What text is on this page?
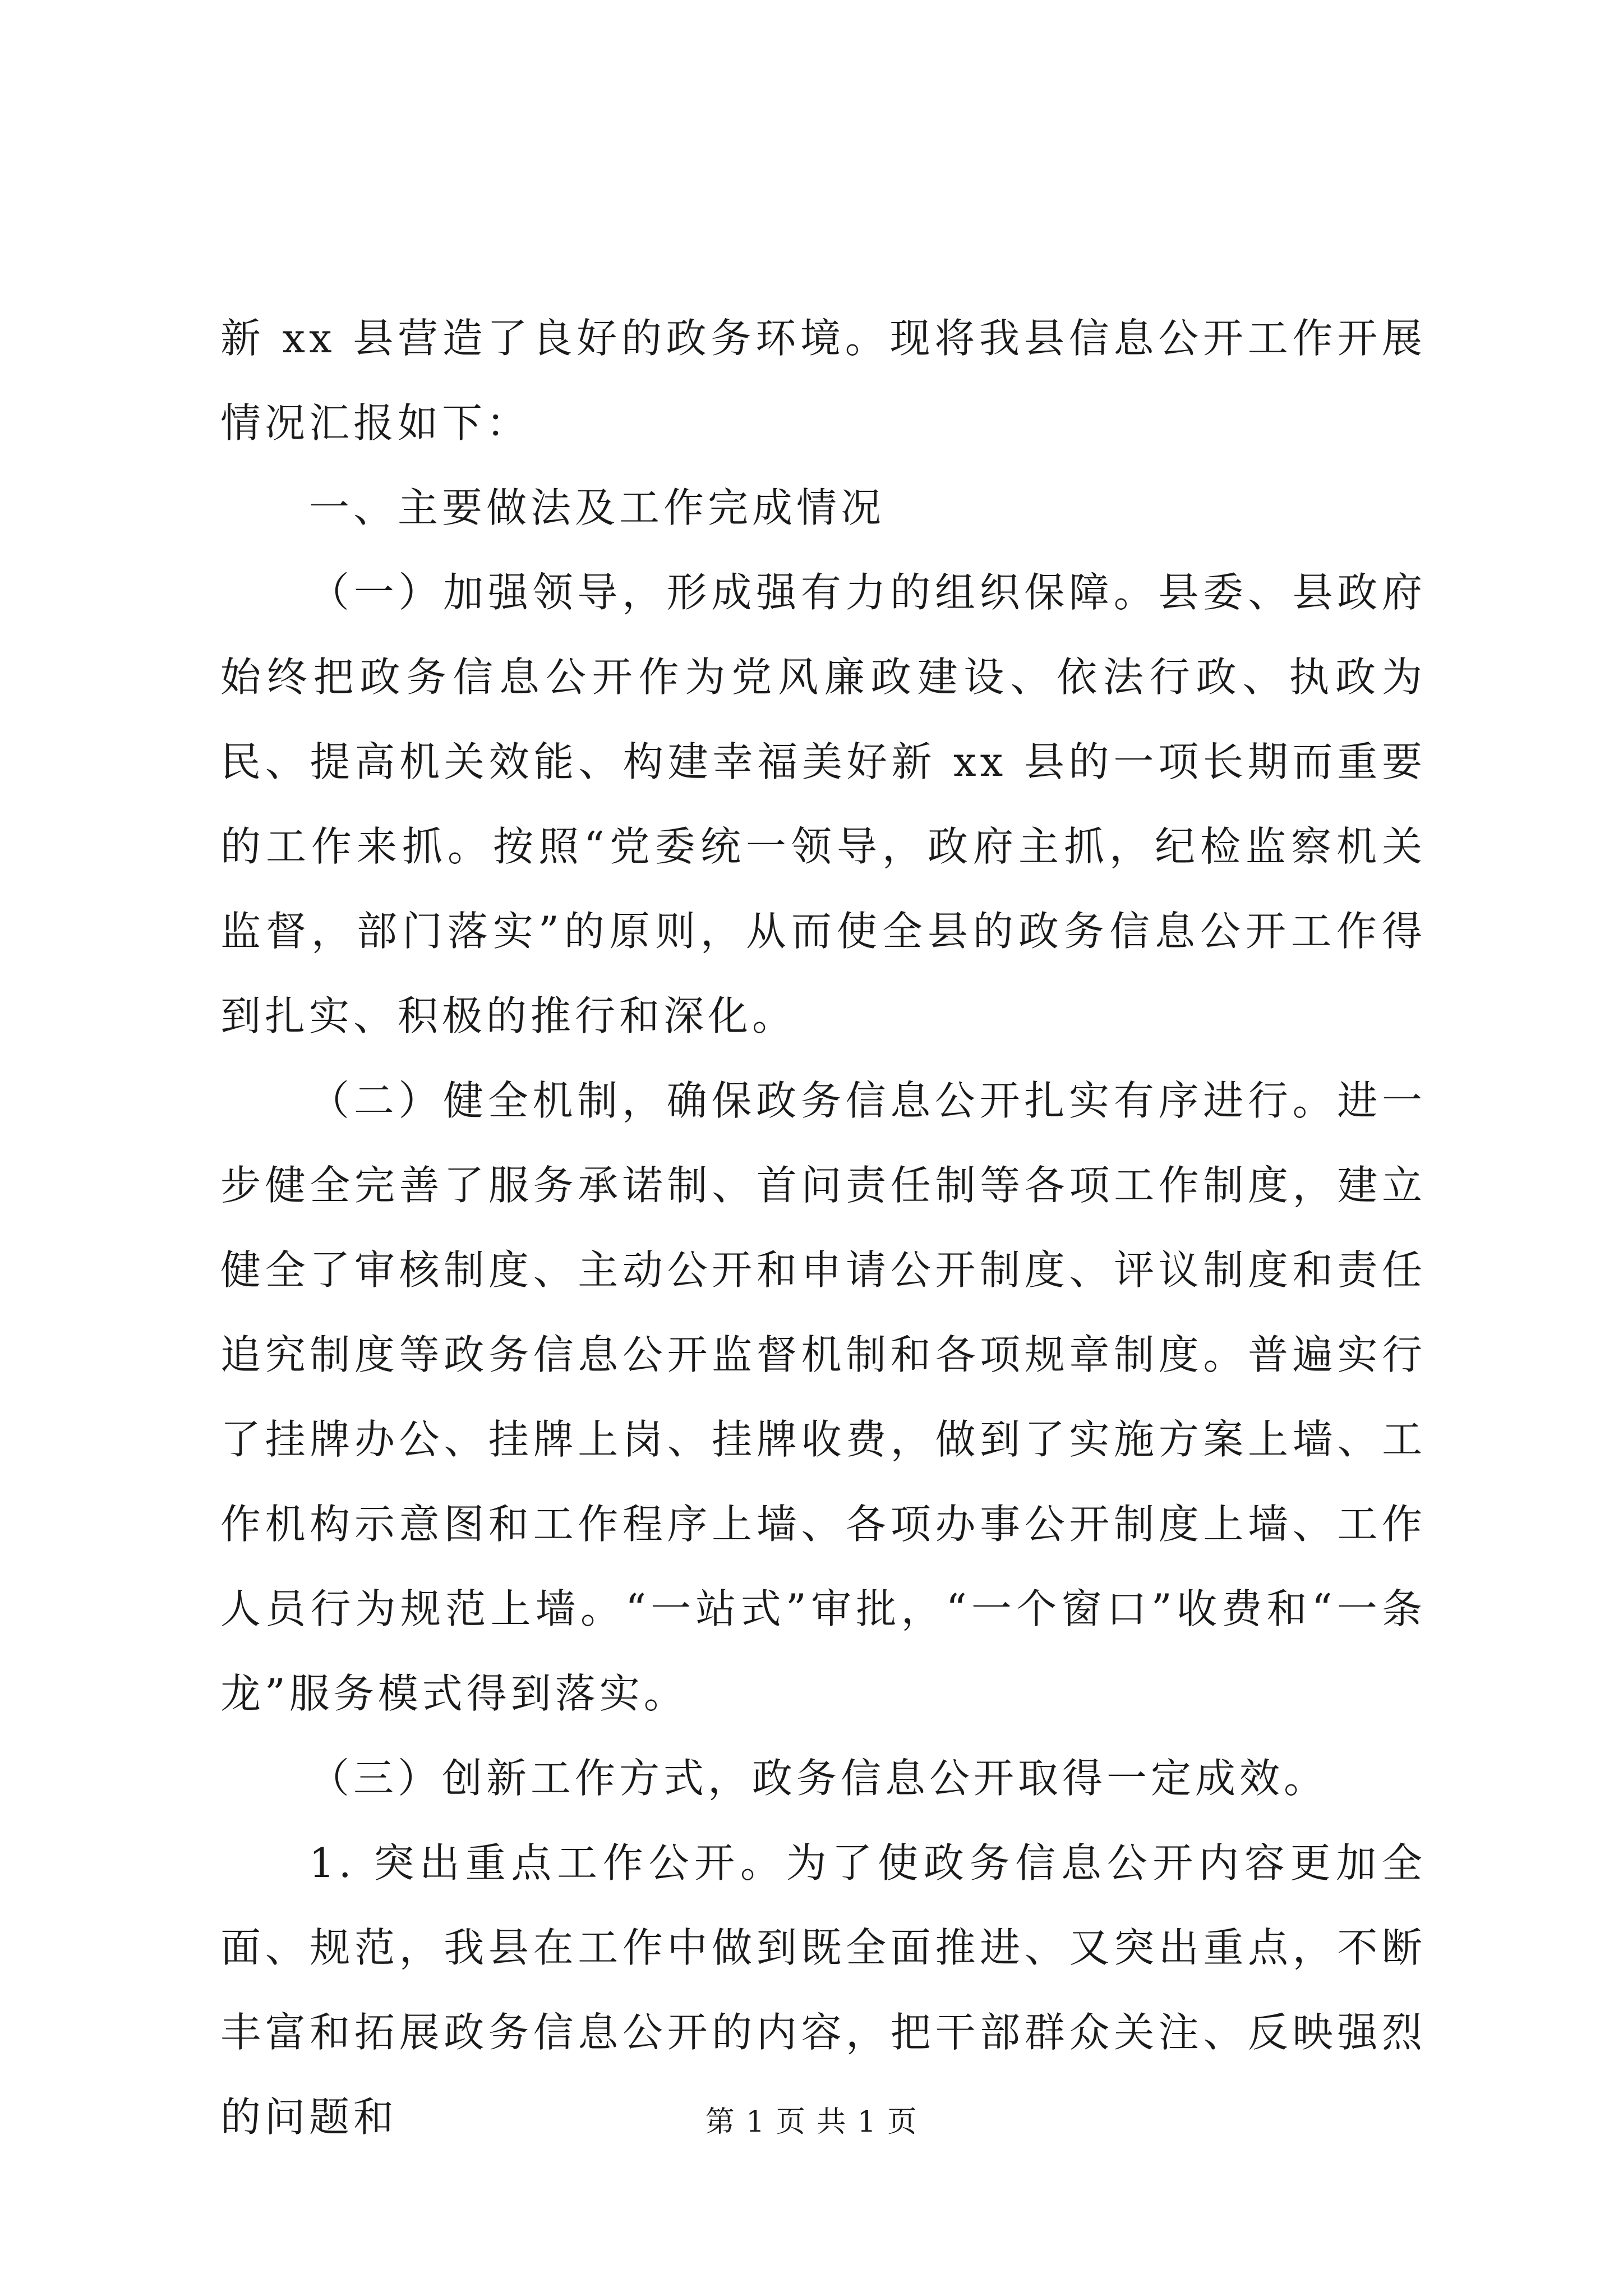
新 xx 县营造了良好的政务环境。现将我县信息公开工作开展情况汇报如下：

一、主要做法及工作完成情况

（一）加强领导，形成强有力的组织保障。县委、县政府始终把政务信息公开作为党风廉政建设、依法行政、执政为民、提高机关效能、构建幸福美好新 xx 县的一项长期而重要的工作来抓。按照“党委统一领导，政府主抓，纪检监察机关监督，部门落实”的原则，从而使全县的政务信息公开工作得到扎实、积极的推行和深化。

（二）健全机制，确保政务信息公开扎实有序进行。进一步健全完善了服务承诺制、首问责任制等各项工作制度，建立健全了审核制度、主动公开和申请公开制度、评议制度和责任追究制度等政务信息公开监督机制和各项规章制度。普遍实行了挂牌办公、挂牌上岗、挂牌收费，做到了实施方案上墙、工作机构示意图和工作程序上墙、各项办事公开制度上墙、工作人员行为规范上墙。“一站式”审批，“一个窗口”收费和“一条龙”服务模式得到落实。

（三）创新工作方式，政务信息公开取得一定成效。

1. 突出重点工作公开。为了使政务信息公开内容更加全面、规范，我县在工作中做到既全面推进、又突出重点，不断丰富和拓展政务信息公开的内容，把干部群众关注、反映强烈的问题和	第 1 页 共 1 页
